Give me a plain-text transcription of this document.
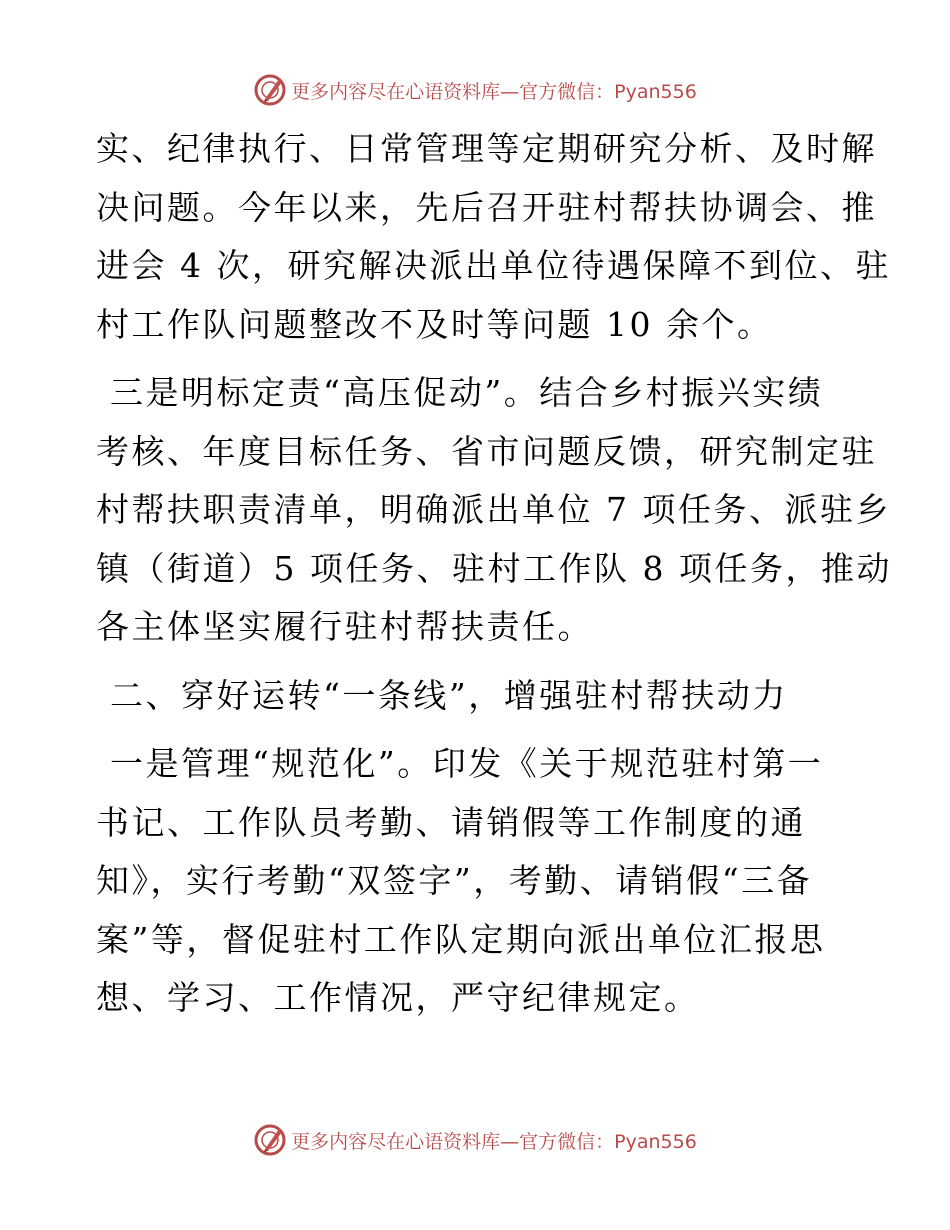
更多内容尽在心语资料库—官方微信：Pyan556

实、纪律执行、日常管理等定期研究分析、及时解
决问题。今年以来，先后召开驻村帮扶协调会、推
进会 4 次，研究解决派出单位待遇保障不到位、驻
村工作队问题整改不及时等问题 10 余个。

三是明标定责“高压促动”。结合乡村振兴实绩
考核、年度目标任务、省市问题反馈，研究制定驻
村帮扶职责清单，明确派出单位 7 项任务、派驻乡
镇（街道）5 项任务、驻村工作队 8 项任务，推动
各主体坚实履行驻村帮扶责任。

二、穿好运转“一条线”，增强驻村帮扶动力

一是管理“规范化”。印发《关于规范驻村第一
书记、工作队员考勤、请销假等工作制度的通
知》，实行考勤“双签字”，考勤、请销假“三备
案”等，督促驻村工作队定期向派出单位汇报思
想、学习、工作情况，严守纪律规定。

更多内容尽在心语资料库—官方微信：Pyan556
